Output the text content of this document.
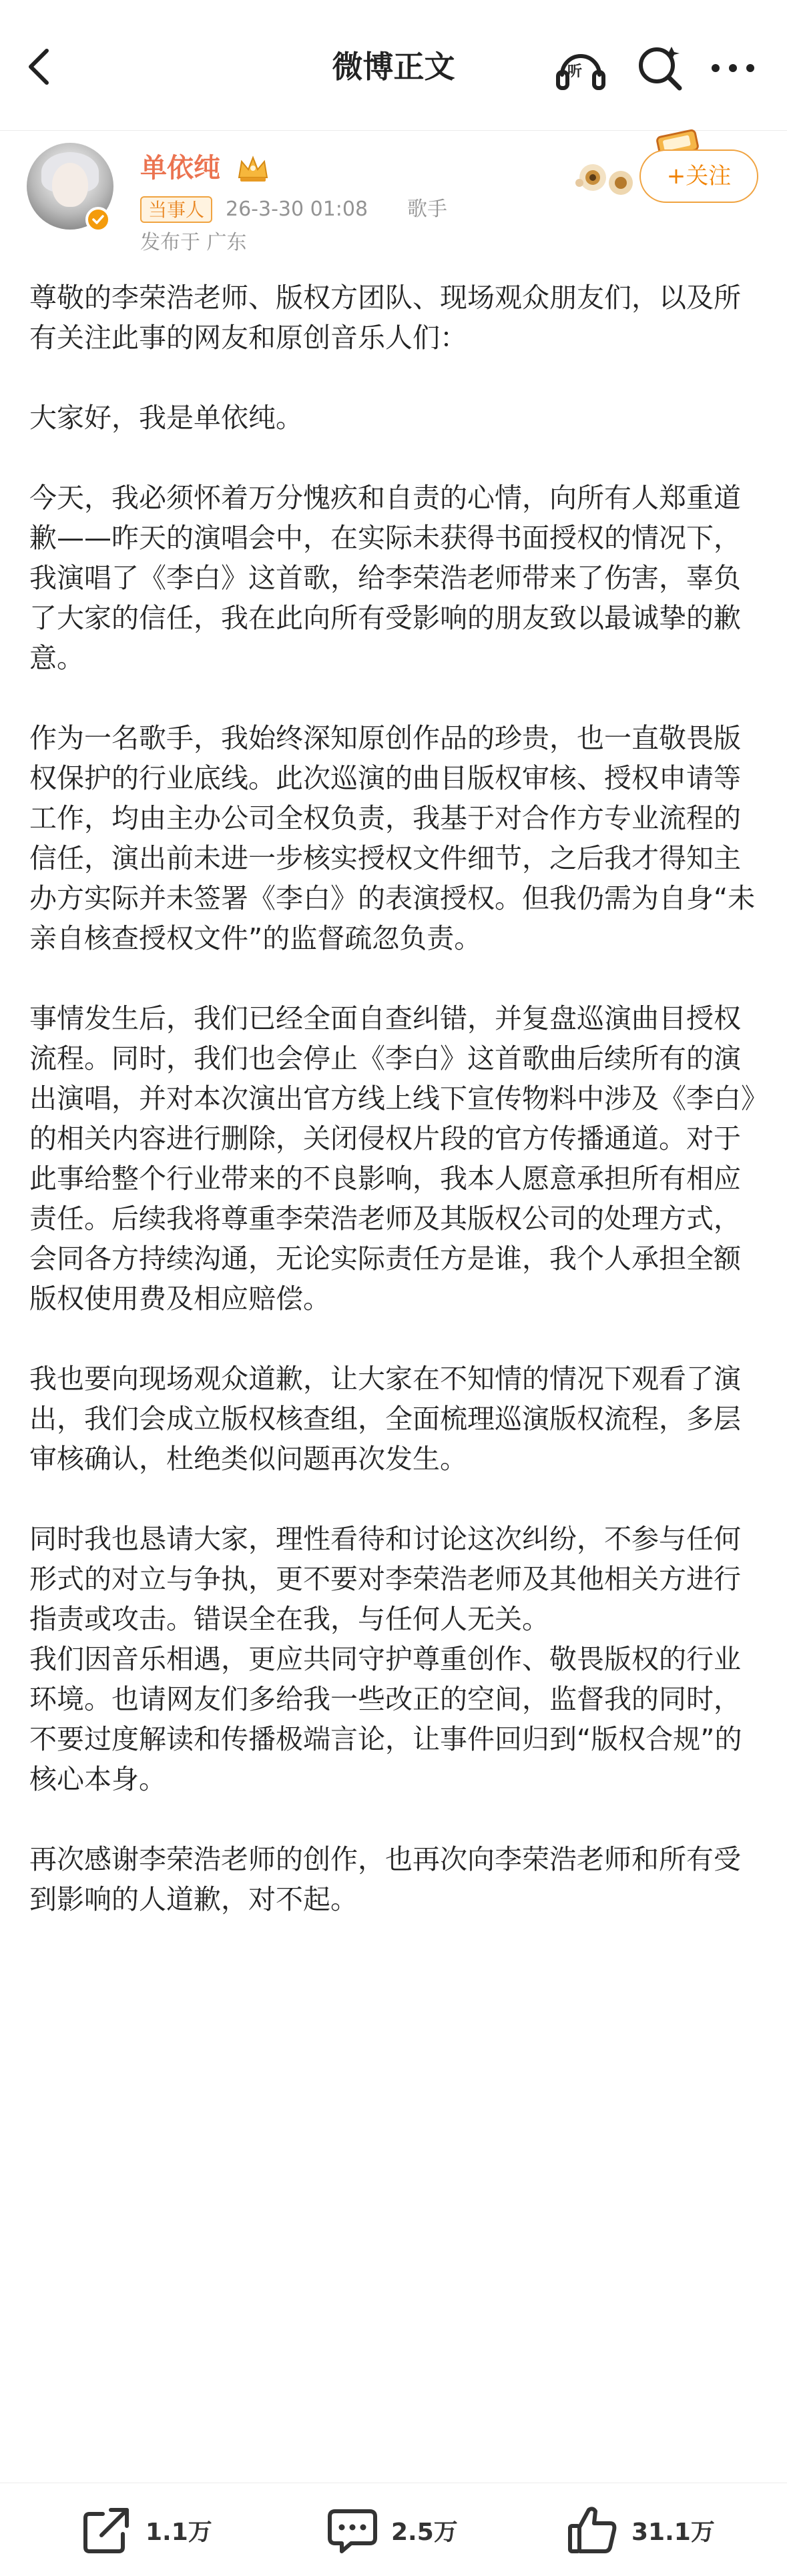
微博正文	听
单依纯
当事人	26-3-30 01:08 歌手
发布于 广东
+关注

尊敬的李荣浩老师、版权方团队、现场观众朋友们，以及所有关注此事的网友和原创音乐人们：

大家好，我是单依纯。

今天，我必须怀着万分愧疚和自责的心情，向所有人郑重道歉——昨天的演唱会中，在实际未获得书面授权的情况下，我演唱了《李白》这首歌，给李荣浩老师带来了伤害，辜负了大家的信任，我在此向所有受影响的朋友致以最诚挚的歉意。

作为一名歌手，我始终深知原创作品的珍贵，也一直敬畏版权保护的行业底线。此次巡演的曲目版权审核、授权申请等工作，均由主办公司全权负责，我基于对合作方专业流程的信任，演出前未进一步核实授权文件细节，之后我才得知主办方实际并未签署《李白》的表演授权。但我仍需为自身“未亲自核查授权文件”的监督疏忽负责。

事情发生后，我们已经全面自查纠错，并复盘巡演曲目授权流程。同时，我们也会停止《李白》这首歌曲后续所有的演出演唱，并对本次演出官方线上线下宣传物料中涉及《李白》的相关内容进行删除，关闭侵权片段的官方传播通道。对于此事给整个行业带来的不良影响，我本人愿意承担所有相应责任。后续我将尊重李荣浩老师及其版权公司的处理方式，会同各方持续沟通，无论实际责任方是谁，我个人承担全额版权使用费及相应赔偿。

我也要向现场观众道歉，让大家在不知情的情况下观看了演出，我们会成立版权核查组，全面梳理巡演版权流程，多层审核确认，杜绝类似问题再次发生。

同时我也恳请大家，理性看待和讨论这次纠纷，不参与任何形式的对立与争执，更不要对李荣浩老师及其他相关方进行指责或攻击。错误全在我，与任何人无关。

我们因音乐相遇，更应共同守护尊重创作、敬畏版权的行业环境。也请网友们多给我一些改正的空间，监督我的同时，不要过度解读和传播极端言论，让事件回归到“版权合规”的核心本身。

再次感谢李荣浩老师的创作，也再次向李荣浩老师和所有受到影响的人道歉，对不起。

1.1万	2.5万	31.1万
